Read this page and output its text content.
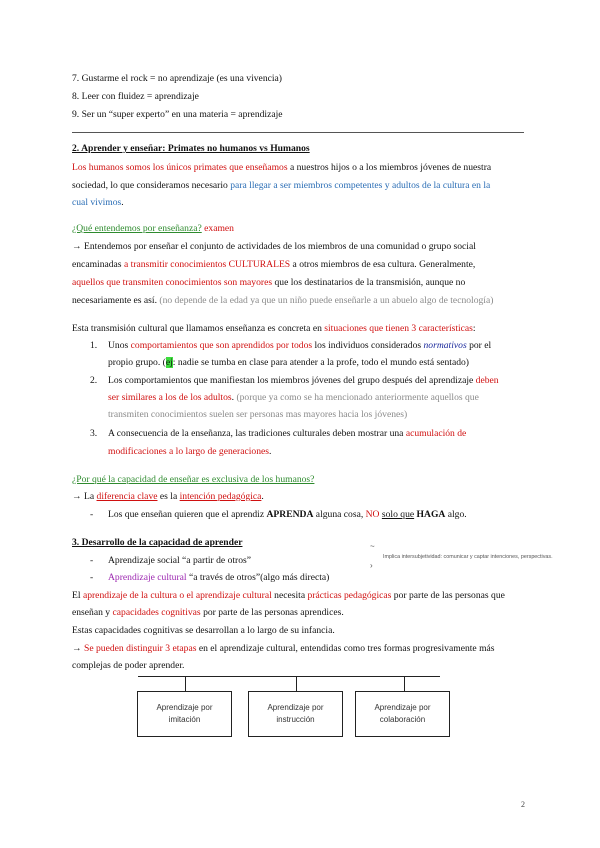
7. Gustarme el rock = no aprendizaje (es una vivencia)
8. Leer con fluidez = aprendizaje
9. Ser un “super experto” en una materia = aprendizaje
2. Aprender y enseñar: Primates no humanos vs Humanos
Los humanos somos los únicos primates que enseñamos a nuestros hijos o a los miembros jóvenes de nuestra
sociedad, lo que consideramos necesario para llegar a ser miembros competentes y adultos de la cultura en la
cual vivimos.
¿Qué entendemos por enseñanza? examen
→ Entendemos por enseñar el conjunto de actividades de los miembros de una comunidad o grupo social
encaminadas a transmitir conocimientos CULTURALES a otros miembros de esa cultura. Generalmente,
aquellos que transmiten conocimientos son mayores que los destinatarios de la transmisión, aunque no
necesariamente es así. (no depende de la edad ya que un niño puede enseñarle a un abuelo algo de tecnología)
Esta transmisión cultural que llamamos enseñanza es concreta en situaciones que tienen 3 características:
1. Unos comportamientos que son aprendidos por todos los individuos considerados normativos por el
propio grupo. (ej: nadie se tumba en clase para atender a la profe, todo el mundo está sentado)
2. Los comportamientos que manifiestan los miembros jóvenes del grupo después del aprendizaje deben
ser similares a los de los adultos. (porque ya como se ha mencionado anteriormente aquellos que
transmiten conocimientos suelen ser personas mas mayores hacia los jóvenes)
3. A consecuencia de la enseñanza, las tradiciones culturales deben mostrar una acumulación de
modificaciones a lo largo de generaciones.
¿Por qué la capacidad de enseñar es exclusiva de los humanos?
→ La diferencia clave es la intención pedagógica.
- Los que enseñan quieren que el aprendiz APRENDA alguna cosa, NO solo que HAGA algo.
3. Desarrollo de la capacidad de aprender
- Aprendizaje social “a partir de otros”
- Aprendizaje cultural “a través de otros”(algo más directa)
~
›
Implica intersubjetividad: comunicar y captar intenciones, perspectivas.
El aprendizaje de la cultura o el aprendizaje cultural necesita prácticas pedagógicas por parte de las personas que
enseñan y capacidades cognitivas por parte de las personas aprendices.
Estas capacidades cognitivas se desarrollan a lo largo de su infancia.
→ Se pueden distinguir 3 etapas en el aprendizaje cultural, entendidas como tres formas progresivamente más
complejas de poder aprender.
Aprendizaje por
imitación
Aprendizaje por
instrucción
Aprendizaje por
colaboración
2
